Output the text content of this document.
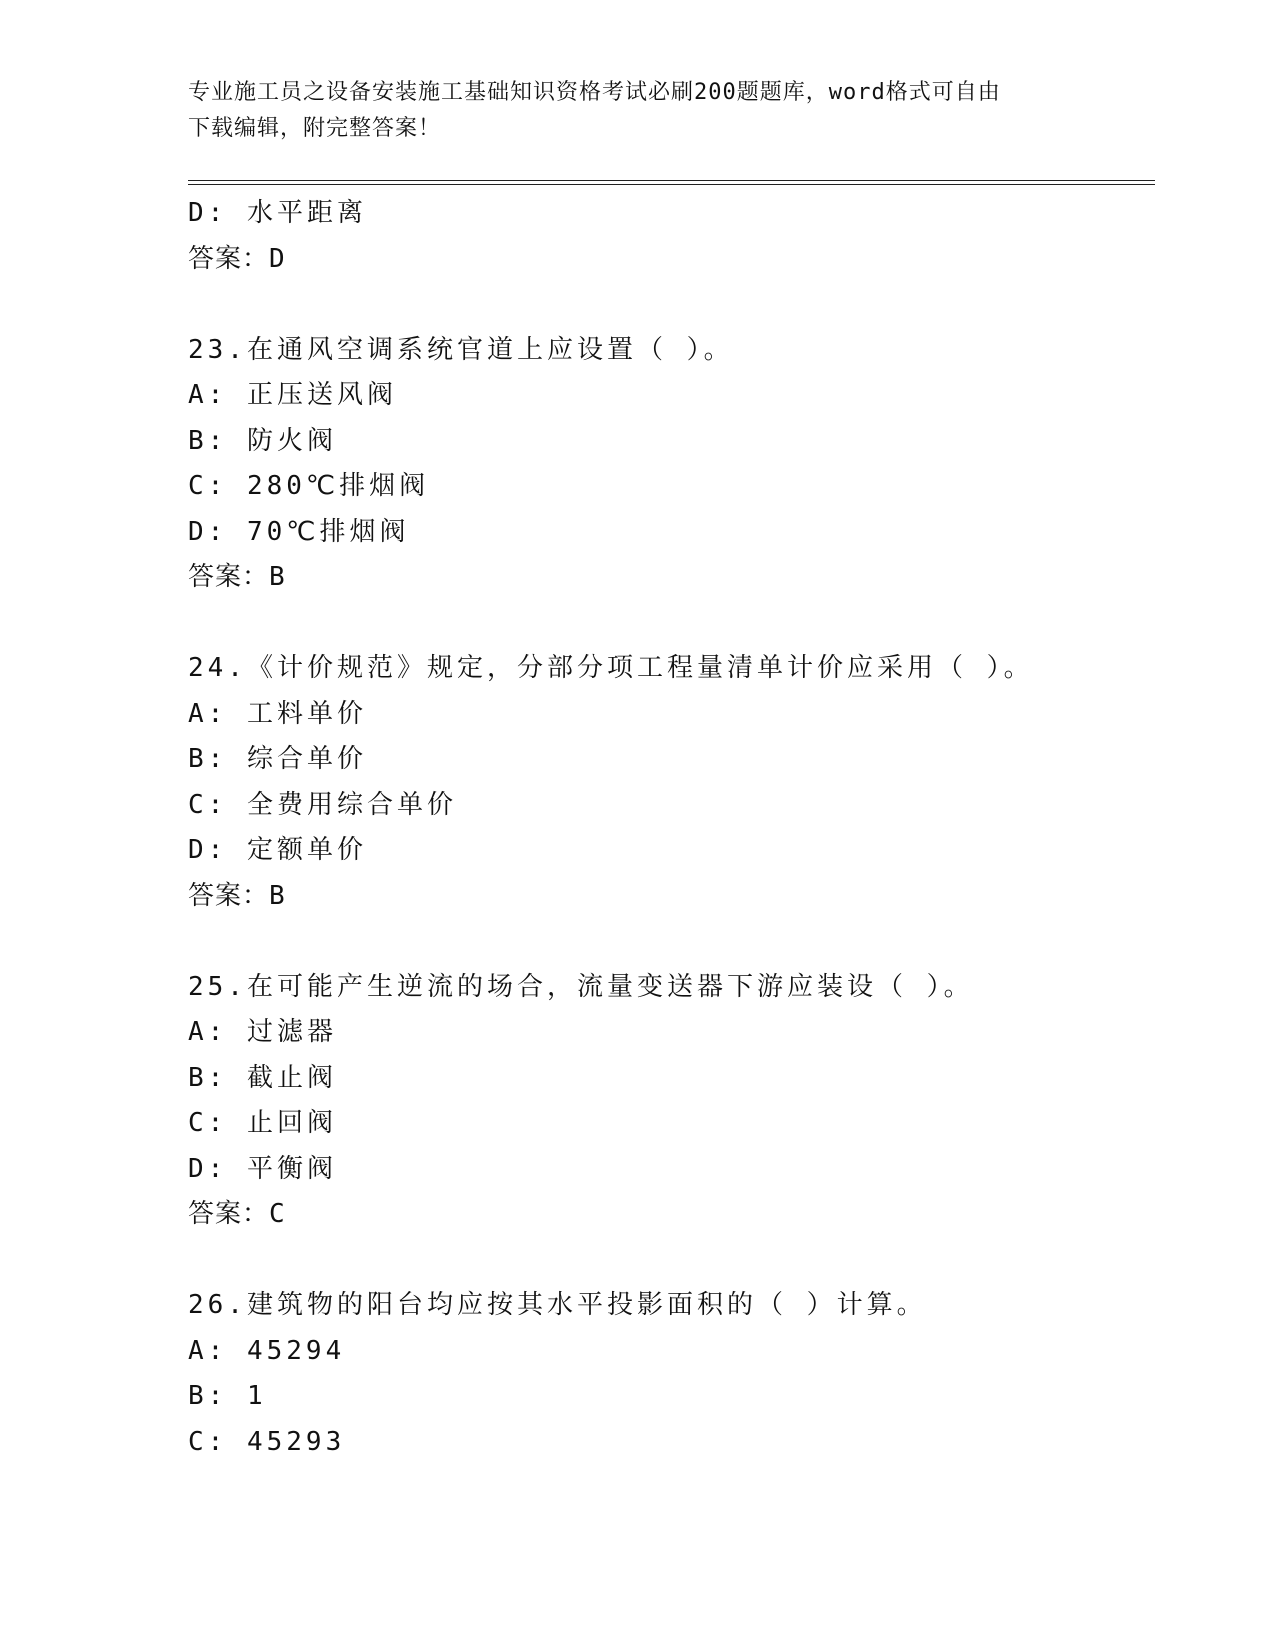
专业施工员之设备安装施工基础知识资格考试必刷200题题库，word格式可自由
下载编辑，附完整答案！
D: 水平距离
答案：D
23.在通风空调系统官道上应设置（ ）。
A: 正压送风阀
B: 防火阀
C: 280℃排烟阀
D: 70℃排烟阀
答案：B
24.《计价规范》规定，分部分项工程量清单计价应采用（ ）。
A: 工料单价
B: 综合单价
C: 全费用综合单价
D: 定额单价
答案：B
25.在可能产生逆流的场合，流量变送器下游应装设（ ）。
A: 过滤器
B: 截止阀
C: 止回阀
D: 平衡阀
答案：C
26.建筑物的阳台均应按其水平投影面积的（ ）计算。
A: 45294
B: 1
C: 45293
